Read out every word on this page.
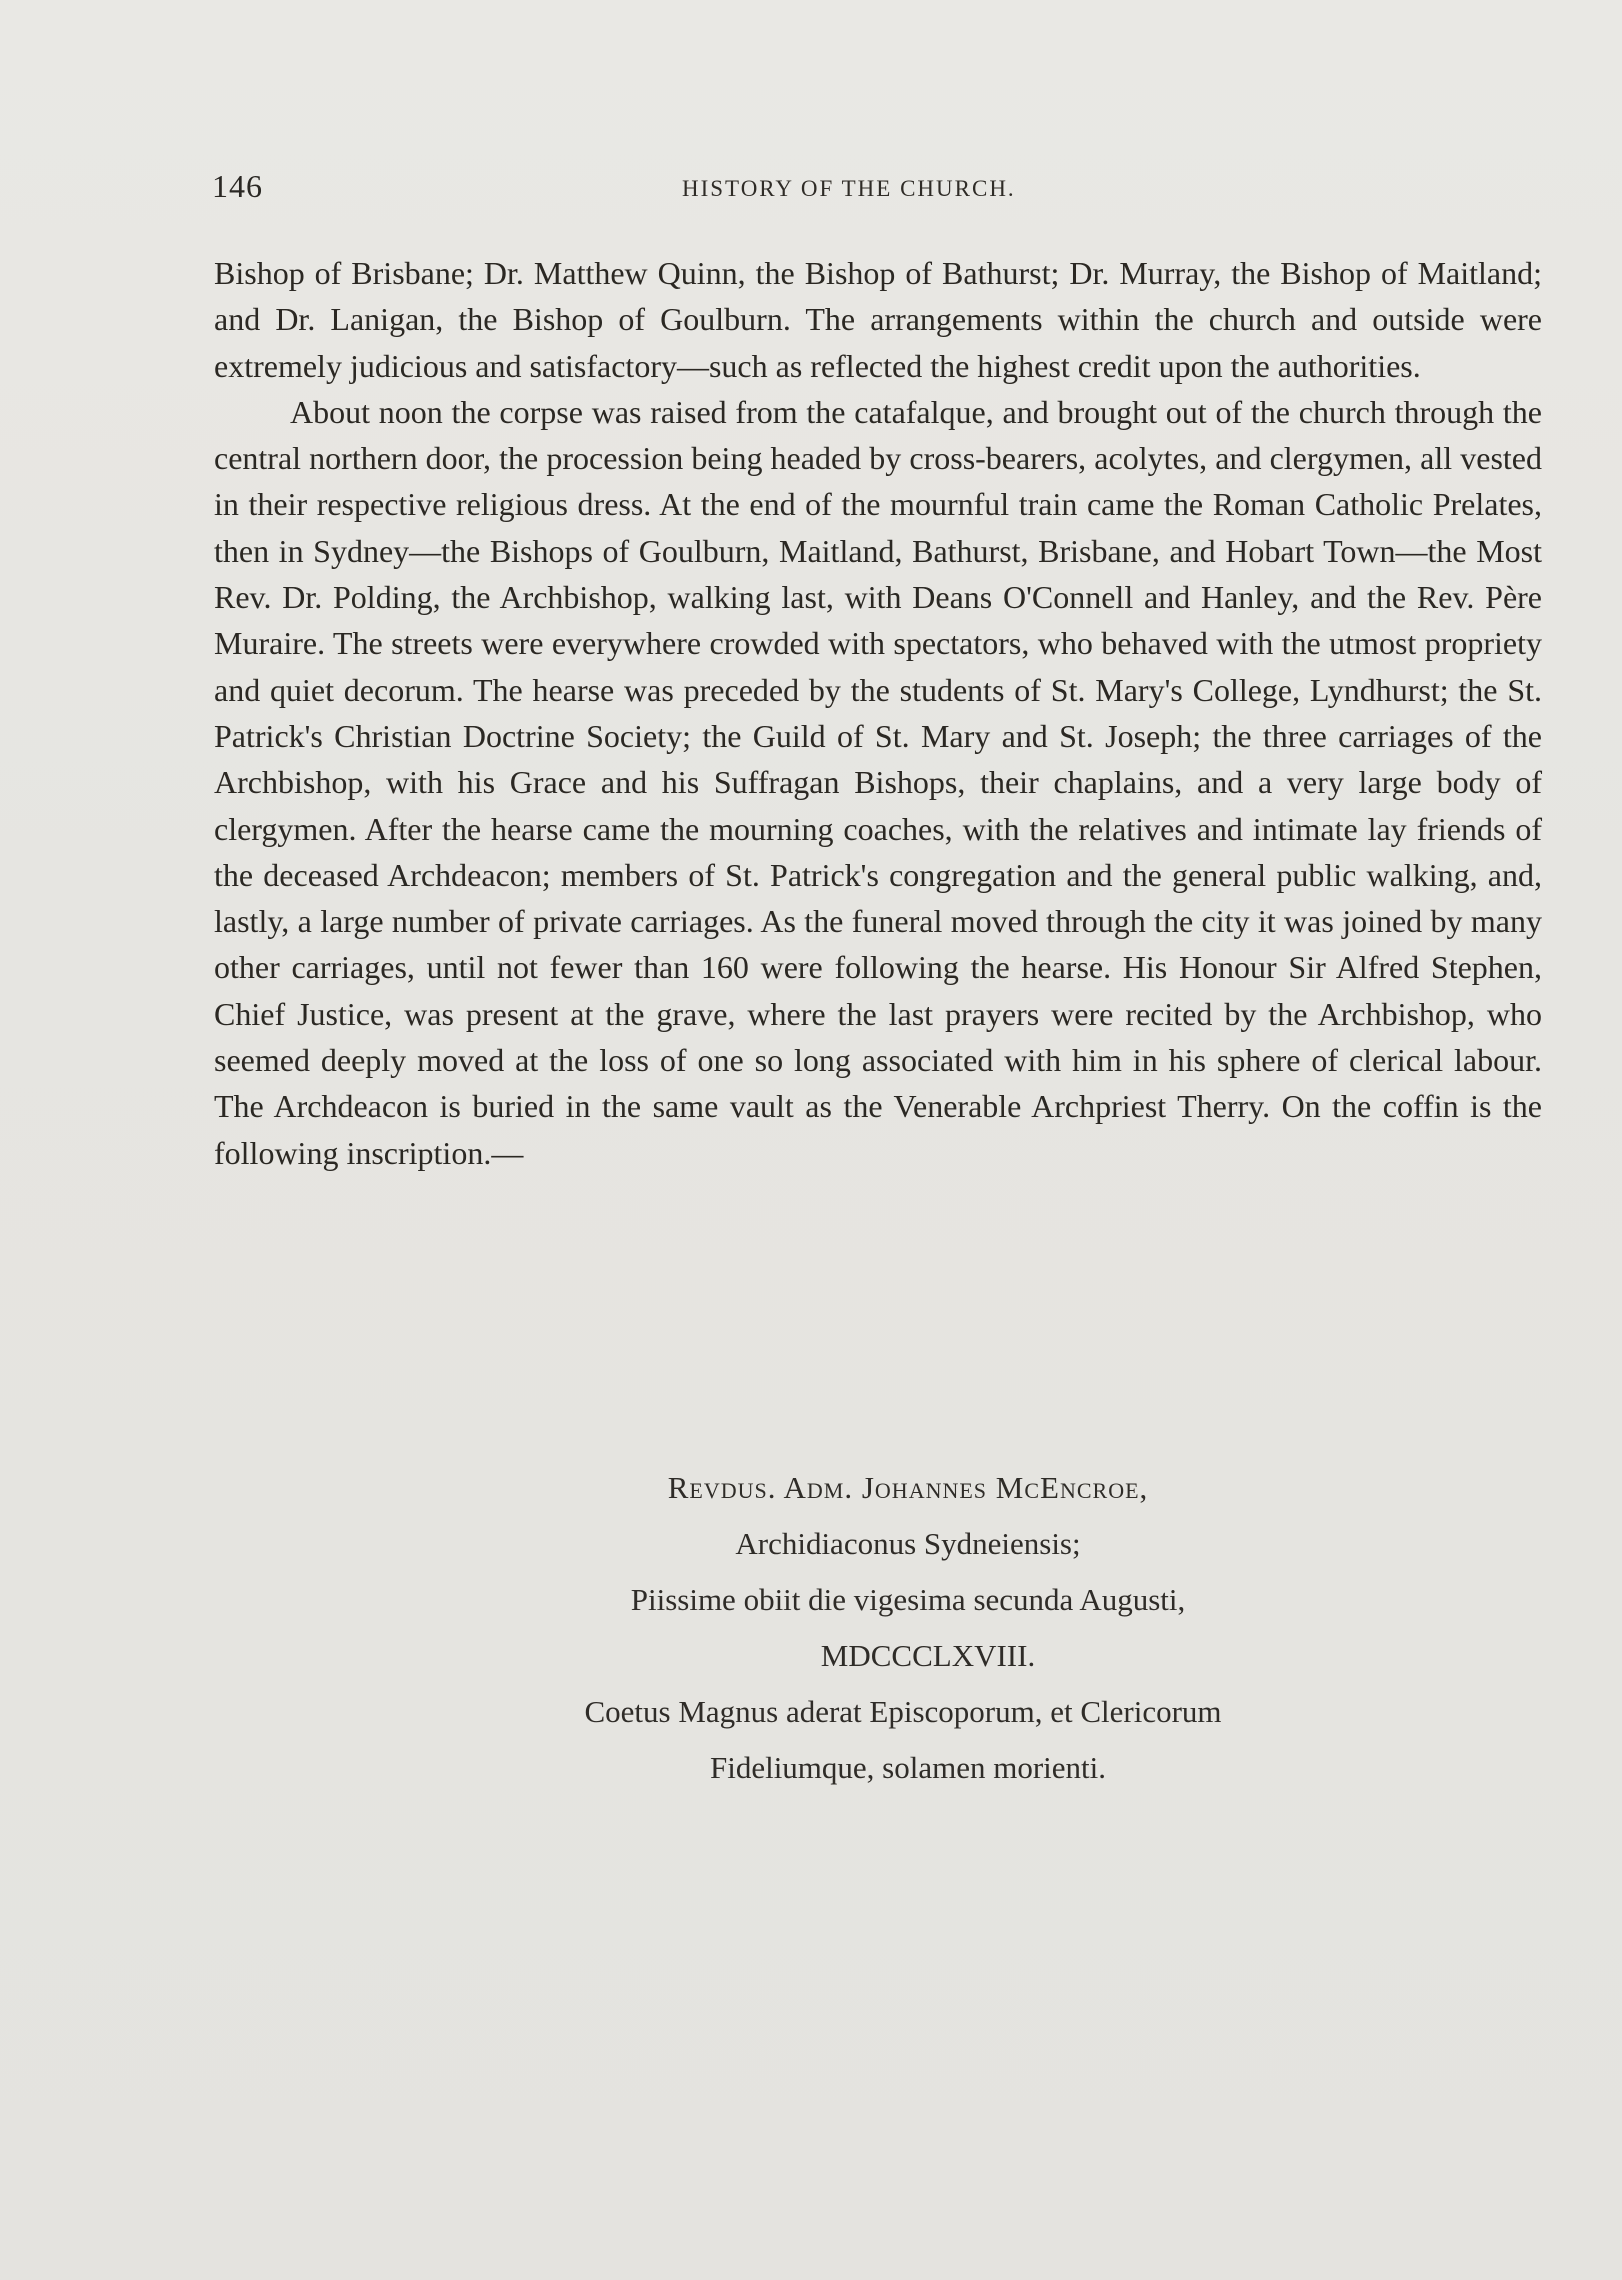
146	HISTORY OF THE CHURCH.

Bishop of Brisbane; Dr. Matthew Quinn, the Bishop of Bathurst; Dr. Murray, the Bishop of Maitland; and Dr. Lanigan, the Bishop of Goulburn. The arrangements within the church and outside were extremely judicious and satisfactory—such as reflected the highest credit upon the authorities.

About noon the corpse was raised from the catafalque, and brought out of the church through the central northern door, the procession being headed by cross-bearers, acolytes, and clergymen, all vested in their respective religious dress. At the end of the mournful train came the Roman Catholic Prelates, then in Sydney—the Bishops of Goulburn, Maitland, Bathurst, Brisbane, and Hobart Town—the Most Rev. Dr. Polding, the Archbishop, walking last, with Deans O'Connell and Hanley, and the Rev. Père Muraire. The streets were everywhere crowded with spectators, who behaved with the utmost propriety and quiet decorum. The hearse was preceded by the students of St. Mary's College, Lyndhurst; the St. Patrick's Christian Doctrine Society; the Guild of St. Mary and St. Joseph; the three carriages of the Archbishop, with his Grace and his Suffragan Bishops, their chaplains, and a very large body of clergymen. After the hearse came the mourning coaches, with the relatives and intimate lay friends of the deceased Archdeacon; members of St. Patrick's congregation and the general public walking, and, lastly, a large number of private carriages. As the funeral moved through the city it was joined by many other carriages, until not fewer than 160 were following the hearse. His Honour Sir Alfred Stephen, Chief Justice, was present at the grave, where the last prayers were recited by the Archbishop, who seemed deeply moved at the loss of one so long associated with him in his sphere of clerical labour. The Archdeacon is buried in the same vault as the Venerable Archpriest Therry. On the coffin is the following inscription.—

Revdus. Adm. Johannes McEncroe,
Archidiaconus Sydneiensis;
Piissime obiit die vigesima secunda Augusti,
MDCCCLXVIII.
Coetus Magnus aderat Episcoporum, et Clericorum
Fideliumque, solamen morienti.
